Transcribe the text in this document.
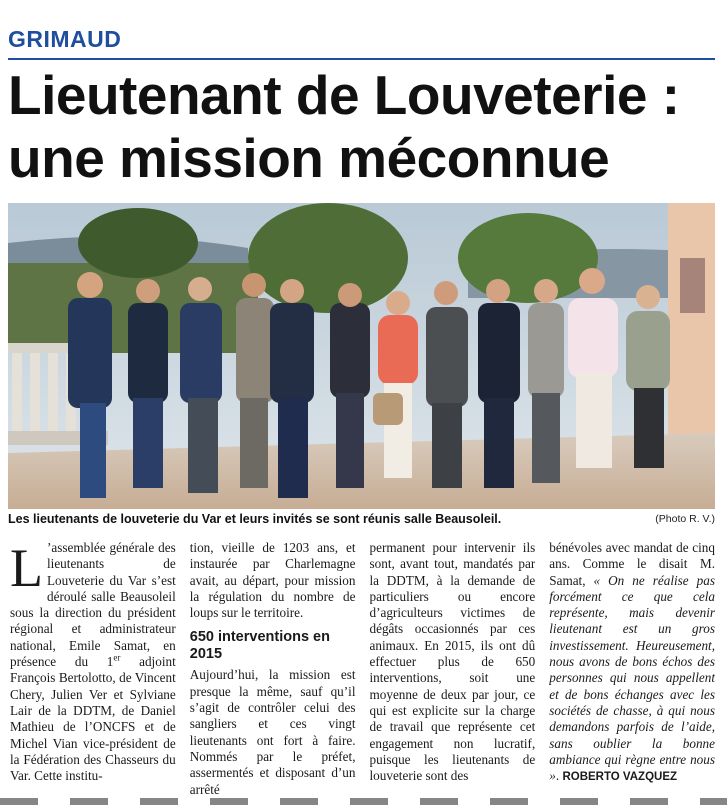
GRIMAUD
Lieutenant de Louveterie :
une mission méconnue
Les lieutenants de louveterie du Var et leurs invités se sont réunis salle Beausoleil.	(Photo R. V.)

L ’assemblée générale des lieutenants de Louveterie du Var s’est déroulé salle Beausoleil sous la direction du président régional et administrateur national, Emile Samat, en présence du 1er adjoint François Bertolotto, de Vincent Chery, Julien Ver et Sylviane Lair de la DDTM, de Daniel Mathieu de l’ONCFS et de Michel Vian vice-président de la Fédération des Chasseurs du Var. Cette institu-

tion, vieille de 1203 ans, et instaurée par Charlemagne avait, au départ, pour mission la régulation du nombre de loups sur le territoire.

650 interventions en 2015

Aujourd’hui, la mission est presque la même, sauf qu’il s’agit de contrôler celui des sangliers et ces vingt lieutenants ont fort à faire. Nommés par le préfet, assermentés et disposant d’un arrêté

permanent pour intervenir ils sont, avant tout, mandatés par la DDTM, à la demande de particuliers ou encore d’agriculteurs victimes de dégâts occasionnés par ces animaux. En 2015, ils ont dû effectuer plus de 650 interventions, soit une moyenne de deux par jour, ce qui est explicite sur la charge de travail que représente cet engagement non lucratif, puisque les lieutenants de louveterie sont des

bénévoles avec mandat de cinq ans. Comme le disait M. Samat, « On ne réalise pas forcément ce que cela représente, mais devenir lieutenant est un gros investissement. Heureusement, nous avons de bons échos des personnes qui nous appellent et de bons échanges avec les sociétés de chasse, à qui nous demandons parfois de l’aide, sans oublier la bonne ambiance qui règne entre nous ». ROBERTO VAZQUEZ
